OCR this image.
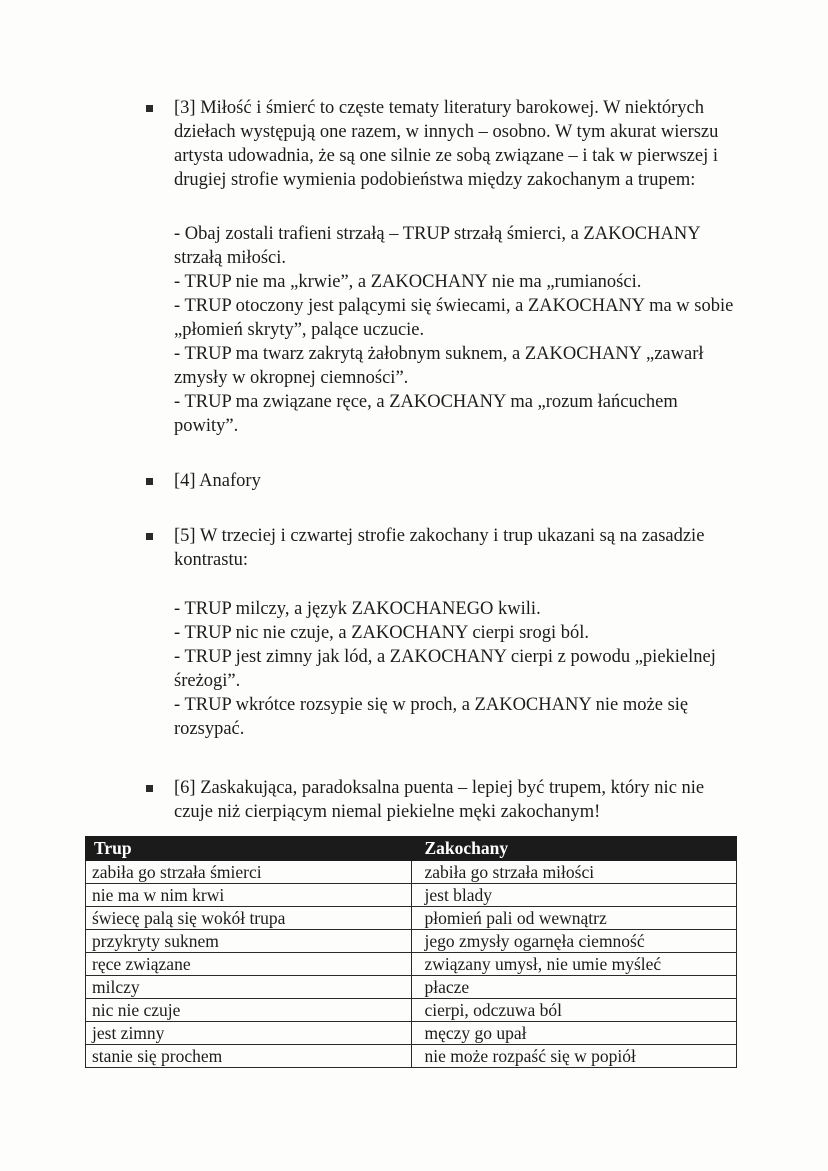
[3] Miłość i śmierć to częste tematy literatury barokowej. W niektórych dziełach występują one razem, w innych – osobno. W tym akurat wierszu artysta udowadnia, że są one silnie ze sobą związane – i tak w pierwszej i drugiej strofie wymienia podobieństwa między zakochanym a trupem:
- Obaj zostali trafieni strzałą – TRUP strzałą śmierci, a ZAKOCHANY strzałą miłości.
- TRUP nie ma „krwie”, a ZAKOCHANY nie ma „rumianości.
- TRUP otoczony jest palącymi się świecami, a ZAKOCHANY ma w sobie „płomień skryty”, palące uczucie.
- TRUP ma twarz zakrytą żałobnym suknem, a ZAKOCHANY „zawarł zmysły w okropnej ciemności”.
- TRUP ma związane ręce, a ZAKOCHANY ma „rozum łańcuchem powity”.
[4] Anafory
[5] W trzeciej i czwartej strofie zakochany i trup ukazani są na zasadzie kontrastu:
- TRUP milczy, a język ZAKOCHANEGO kwili.
- TRUP nic nie czuje, a ZAKOCHANY cierpi srogi ból.
- TRUP jest zimny jak lód, a ZAKOCHANY cierpi z powodu „piekielnej śreżogi”.
- TRUP wkrótce rozsypie się w proch, a ZAKOCHANY nie może się rozsypać.
[6] Zaskakująca, paradoksalna puenta – lepiej być trupem, który nic nie czuje niż cierpiącym niemal piekielne męki zakochanym!
Trup	Zakochany
zabiła go strzała śmierci	zabiła go strzała miłości
nie ma w nim krwi	jest blady
świecę palą się wokół trupa	płomień pali od wewnątrz
przykryty suknem	jego zmysły ogarnęła ciemność
ręce związane	związany umysł, nie umie myśleć
milczy	płacze
nic nie czuje	cierpi, odczuwa ból
jest zimny	męczy go upał
stanie się prochem	nie może rozpaść się w popiół
